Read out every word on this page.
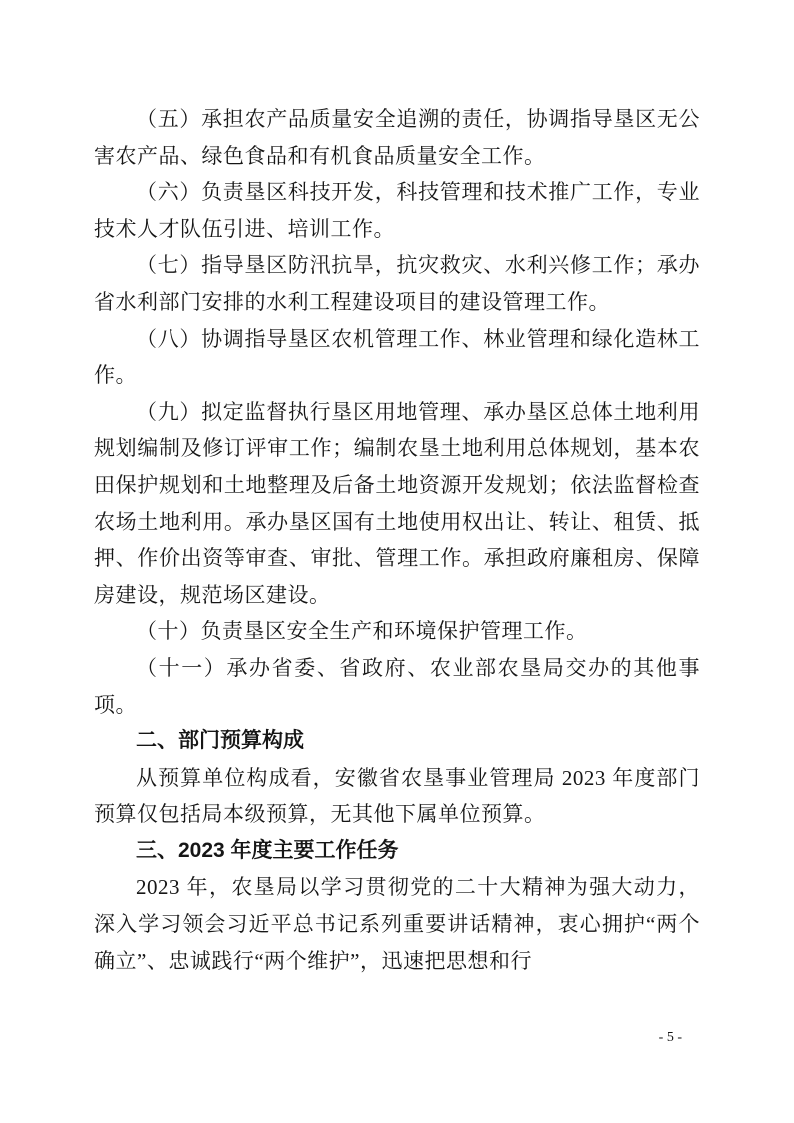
（五）承担农产品质量安全追溯的责任，协调指导垦区无公害农产品、绿色食品和有机食品质量安全工作。

（六）负责垦区科技开发，科技管理和技术推广工作，专业技术人才队伍引进、培训工作。

（七）指导垦区防汛抗旱，抗灾救灾、水利兴修工作；承办省水利部门安排的水利工程建设项目的建设管理工作。

（八）协调指导垦区农机管理工作、林业管理和绿化造林工作。

（九）拟定监督执行垦区用地管理、承办垦区总体土地利用规划编制及修订评审工作；编制农垦土地利用总体规划，基本农田保护规划和土地整理及后备土地资源开发规划；依法监督检查农场土地利用。承办垦区国有土地使用权出让、转让、租赁、抵押、作价出资等审查、审批、管理工作。承担政府廉租房、保障房建设，规范场区建设。

（十）负责垦区安全生产和环境保护管理工作。

（十一）承办省委、省政府、农业部农垦局交办的其他事项。

二、部门预算构成

从预算单位构成看，安徽省农垦事业管理局 2023 年度部门预算仅包括局本级预算，无其他下属单位预算。

三、2023 年度主要工作任务

2023 年，农垦局以学习贯彻党的二十大精神为强大动力，深入学习领会习近平总书记系列重要讲话精神，衷心拥护“两个确立”、忠诚践行“两个维护”，迅速把思想和行

- 5 -
